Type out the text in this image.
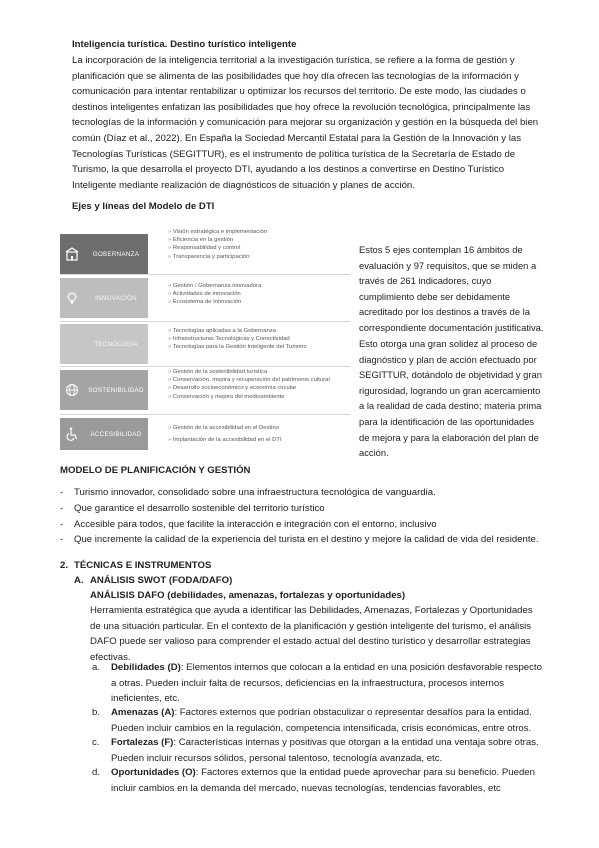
Inteligencia turística. Destino turístico inteligente
La incorporación de la inteligencia territorial a la investigación turística, se refiere a la forma de gestión y
planificación que se alimenta de las posibilidades que hoy día ofrecen las tecnologías de la información y
comunicación para intentar rentabilizar u optimizar los recursos del territorio. De este modo, las ciudades o
destinos inteligentes enfatizan las posibilidades que hoy ofrece la revolución tecnológica, principalmente las
tecnologías de la información y comunicación para mejorar su organización y gestión en la búsqueda del bien
común (Díaz et al., 2022). En España la Sociedad Mercantil Estatal para la Gestión de la Innovación y las
Tecnologías Turísticas (SEGITTUR), es el instrumento de política turística de la Secretaría de Estado de
Turismo, la que desarrolla el proyecto DTI, ayudando a los destinos a convertirse en Destino Turístico
Inteligente mediante realización de diagnósticos de situación y planes de acción.
Ejes y líneas del Modelo de DTI
GOBERNANZA
» Visión estratégica e implementación
» Eficiencia en la gestión
» Responsabilidad y control
» Transparencia y participación
INNOVACIÓN
» Gestión / Gobernanza innovadora
» Actividades de innovación
» Ecosistema de innovación
TECNOLOGÍA
» Tecnologías aplicadas a la Gobernanza
» Infraestructuras Tecnológicas y Conectividad
» Tecnologías para la Gestión Inteligente del Turismo
SOSTENIBILIDAD
» Gestión de la sostenibilidad turística
» Conservación, mejora y recuperación del patrimonio cultural
» Desarrollo socioeconómico y economía circular
» Conservación y mejora del medioambiente
ACCESIBILIDAD
» Gestión de la accesibilidad en el Destino
» Implantación de la accesibilidad en el DTI
Estos 5 ejes contemplan 16 ámbitos de
evaluación y 97 requisitos, que se miden a
través de 261 indicadores, cuyo
cumplimiento debe ser debidamente
acreditado por los destinos a través de la
correspondiente documentación justificativa.
Esto otorga una gran solidez al proceso de
diagnóstico y plan de acción efectuado por
SEGITTUR, dotándolo de objetividad y gran
rigurosidad, logrando un gran acercamiento
a la realidad de cada destino; materia prima
para la identificación de las oportunidades
de mejora y para la elaboración del plan de
acción.
MODELO DE PLANIFICACIÓN Y GESTIÓN
- Turismo innovador, consolidado sobre una infraestructura tecnológica de vanguardia.
- Que garantice el desarrollo sostenible del territorio turístico
- Accesible para todos, que facilite la interacción e integración con el entorno, inclusivo
- Que incremente la calidad de la experiencia del turista en el destino y mejore la calidad de vida del residente.
2. TÉCNICAS E INSTRUMENTOS
A. ANÁLISIS SWOT (FODA/DAFO)
ANÁLISIS DAFO (debilidades, amenazas, fortalezas y oportunidades)
Herramienta estratégica que ayuda a identificar las Debilidades, Amenazas, Fortalezas y Oportunidades
de una situación particular. En el contexto de la planificación y gestión inteligente del turismo, el análisis
DAFO puede ser valioso para comprender el estado actual del destino turístico y desarrollar estrategias
efectivas.
a. Debilidades (D): Elementos internos que colocan a la entidad en una posición desfavorable respecto
a otras. Pueden incluir falta de recursos, deficiencias en la infraestructura, procesos internos
ineficientes, etc.
b. Amenazas (A): Factores externos que podrían obstaculizar o representar desafíos para la entidad.
Pueden incluir cambios en la regulación, competencia intensificada, crisis económicas, entre otros.
c. Fortalezas (F): Características internas y positivas que otorgan a la entidad una ventaja sobre otras.
Pueden incluir recursos sólidos, personal talentoso, tecnología avanzada, etc.
d. Oportunidades (O): Factores externos que la entidad puede aprovechar para su beneficio. Pueden
incluir cambios en la demanda del mercado, nuevas tecnologías, tendencias favorables, etc
